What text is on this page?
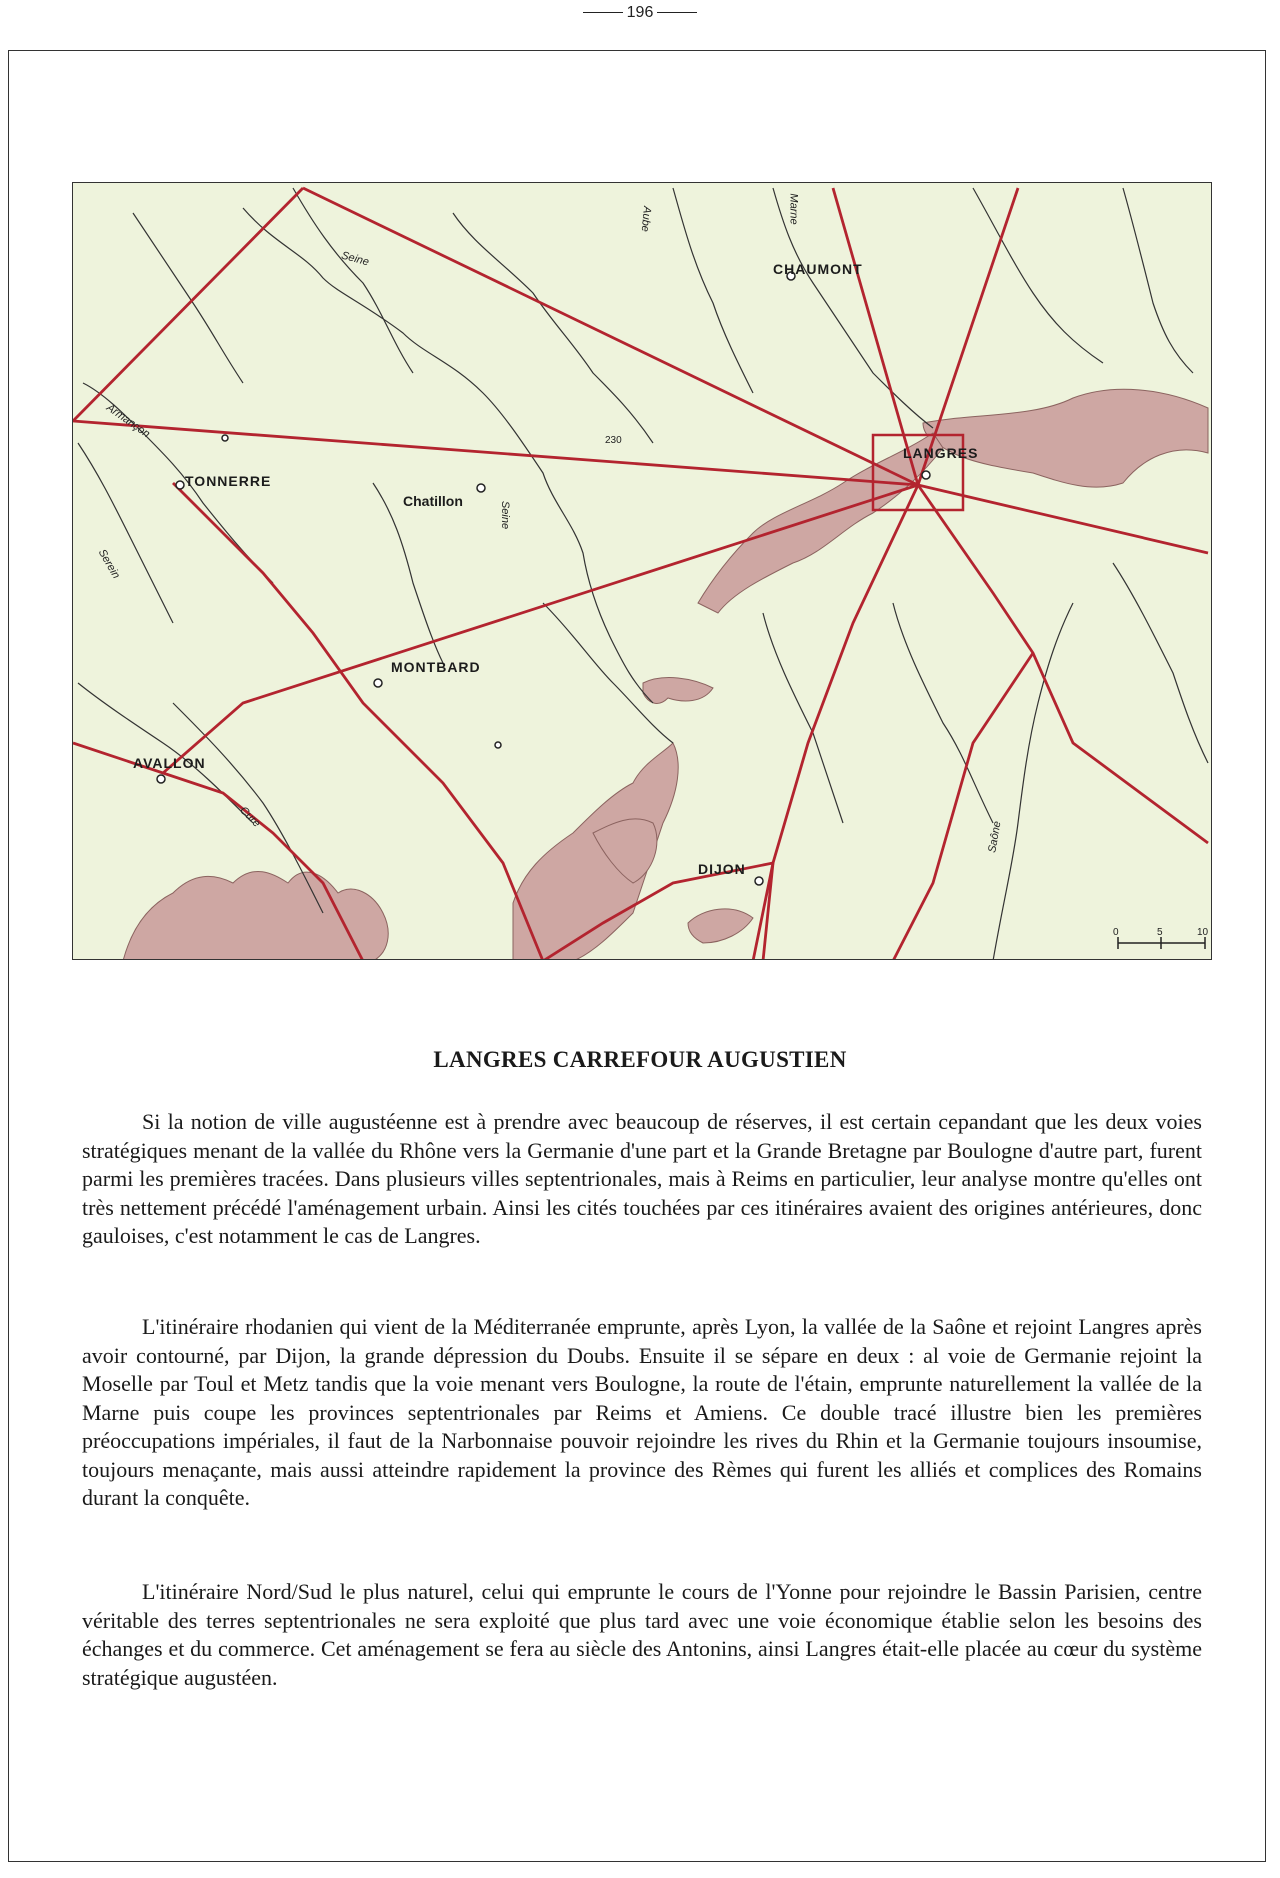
196
CHAUMONT
LANGRES
TONNERRE
Chatillon
MONTBARD
AVALLON
DIJON
Seine
Seine
Aube	Marne
Armançon
Serein
Cure
Saône
230
0	5	10
LANGRES CARREFOUR AUGUSTIEN

Si la notion de ville augustéenne est à prendre avec beaucoup de réserves, il est certain cepandant que les deux voies stratégiques menant de la vallée du Rhône vers la Germanie d'une part et la Grande Bretagne par Boulogne d'autre part, furent parmi les premières tracées. Dans plusieurs villes septentrionales, mais à Reims en particulier, leur analyse montre qu'elles ont très nettement précédé l'aménagement urbain. Ainsi les cités touchées par ces itinéraires avaient des origines antérieures, donc gauloises, c'est notamment le cas de Langres.

L'itinéraire rhodanien qui vient de la Méditerranée emprunte, après Lyon, la vallée de la Saône et rejoint Langres après avoir contourné, par Dijon, la grande dépression du Doubs. Ensuite il se sépare en deux : al voie de Germanie rejoint la Moselle par Toul et Metz tandis que la voie menant vers Boulogne, la route de l'étain, emprunte naturellement la vallée de la Marne puis coupe les provinces septentrionales par Reims et Amiens. Ce double tracé illustre bien les premières préoccupations impériales, il faut de la Narbonnaise pouvoir rejoindre les rives du Rhin et la Germanie toujours insoumise, toujours menaçante, mais aussi atteindre rapidement la province des Rèmes qui furent les alliés et complices des Romains durant la conquête.

L'itinéraire Nord/Sud le plus naturel, celui qui emprunte le cours de l'Yonne pour rejoindre le Bassin Parisien, centre véritable des terres septentrionales ne sera exploité que plus tard avec une voie économique établie selon les besoins des échanges et du commerce. Cet aménagement se fera au siècle des Antonins, ainsi Langres était-elle placée au cœur du système stratégique augustéen.
